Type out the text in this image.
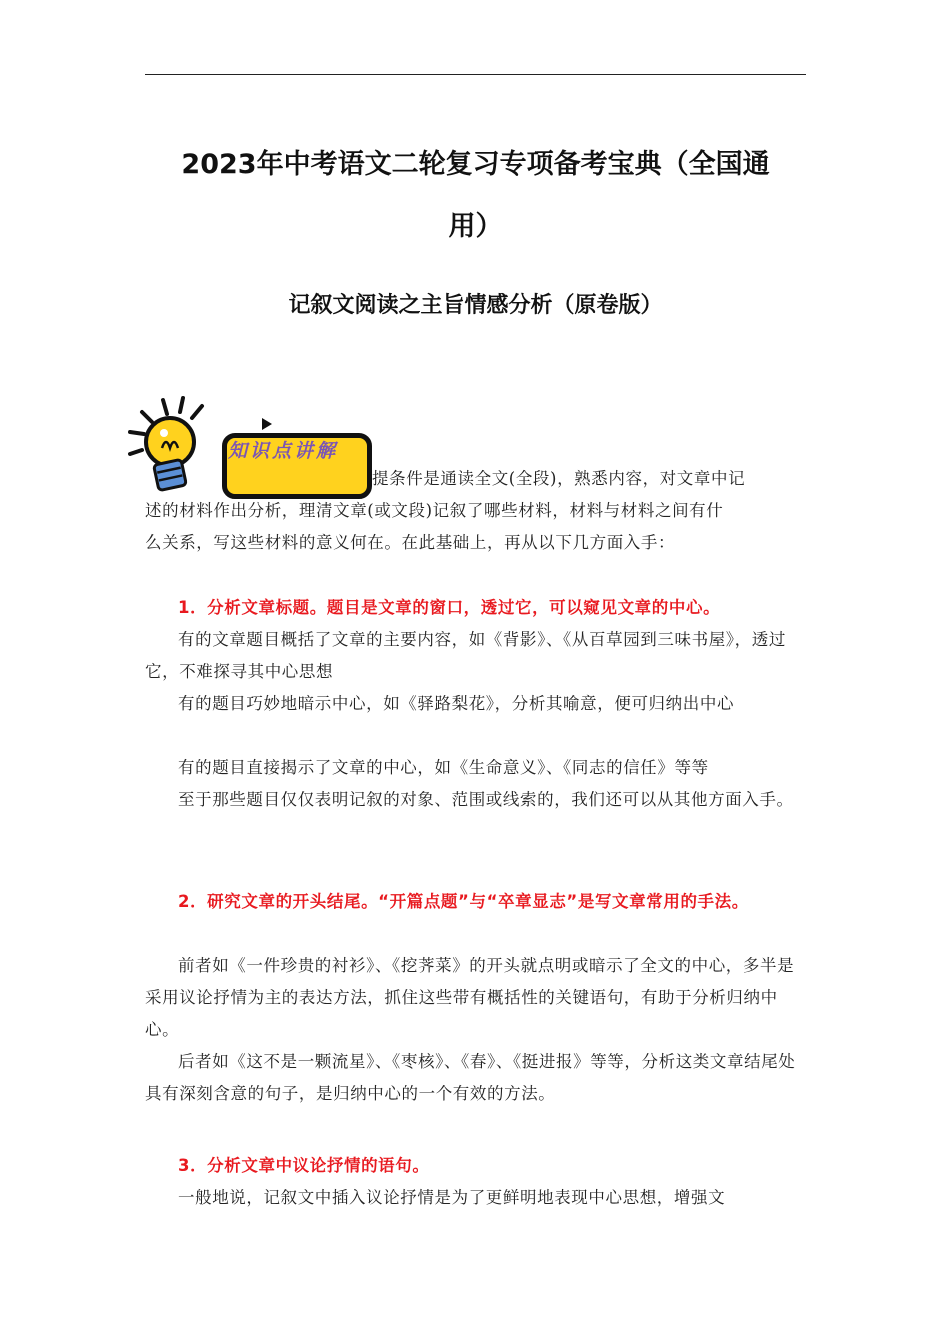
2023年中考语文二轮复习专项备考宝典（全国通
用）
记叙文阅读之主旨情感分析（原卷版）
知识点讲解

提条件是通读全文(全段)，熟悉内容，对文章中记

述的材料作出分析，理清文章(或文段)记叙了哪些材料，材料与材料之间有什

么关系，写这些材料的意义何在。在此基础上，再从以下几方面入手：

1．分析文章标题。题目是文章的窗口，透过它，可以窥见文章的中心。

有的文章题目概括了文章的主要内容，如《背影》、《从百草园到三味书屋》，透过它，不难探寻其中心思想

有的题目巧妙地暗示中心，如《驿路梨花》，分析其喻意，便可归纳出中心

有的题目直接揭示了文章的中心，如《生命意义》、《同志的信任》等等

至于那些题目仅仅表明记叙的对象、范围或线索的，我们还可以从其他方面入手。

2．研究文章的开头结尾。“开篇点题”与“卒章显志”是写文章常用的手法。

前者如《一件珍贵的衬衫》、《挖荠菜》的开头就点明或暗示了全文的中心，多半是采用议论抒情为主的表达方法，抓住这些带有概括性的关键语句，有助于分析归纳中心。

后者如《这不是一颗流星》、《枣核》、《春》、《挺进报》等等，分析这类文章结尾处具有深刻含意的句子，是归纳中心的一个有效的方法。

3．分析文章中议论抒情的语句。

一般地说，记叙文中插入议论抒情是为了更鲜明地表现中心思想，增强文
